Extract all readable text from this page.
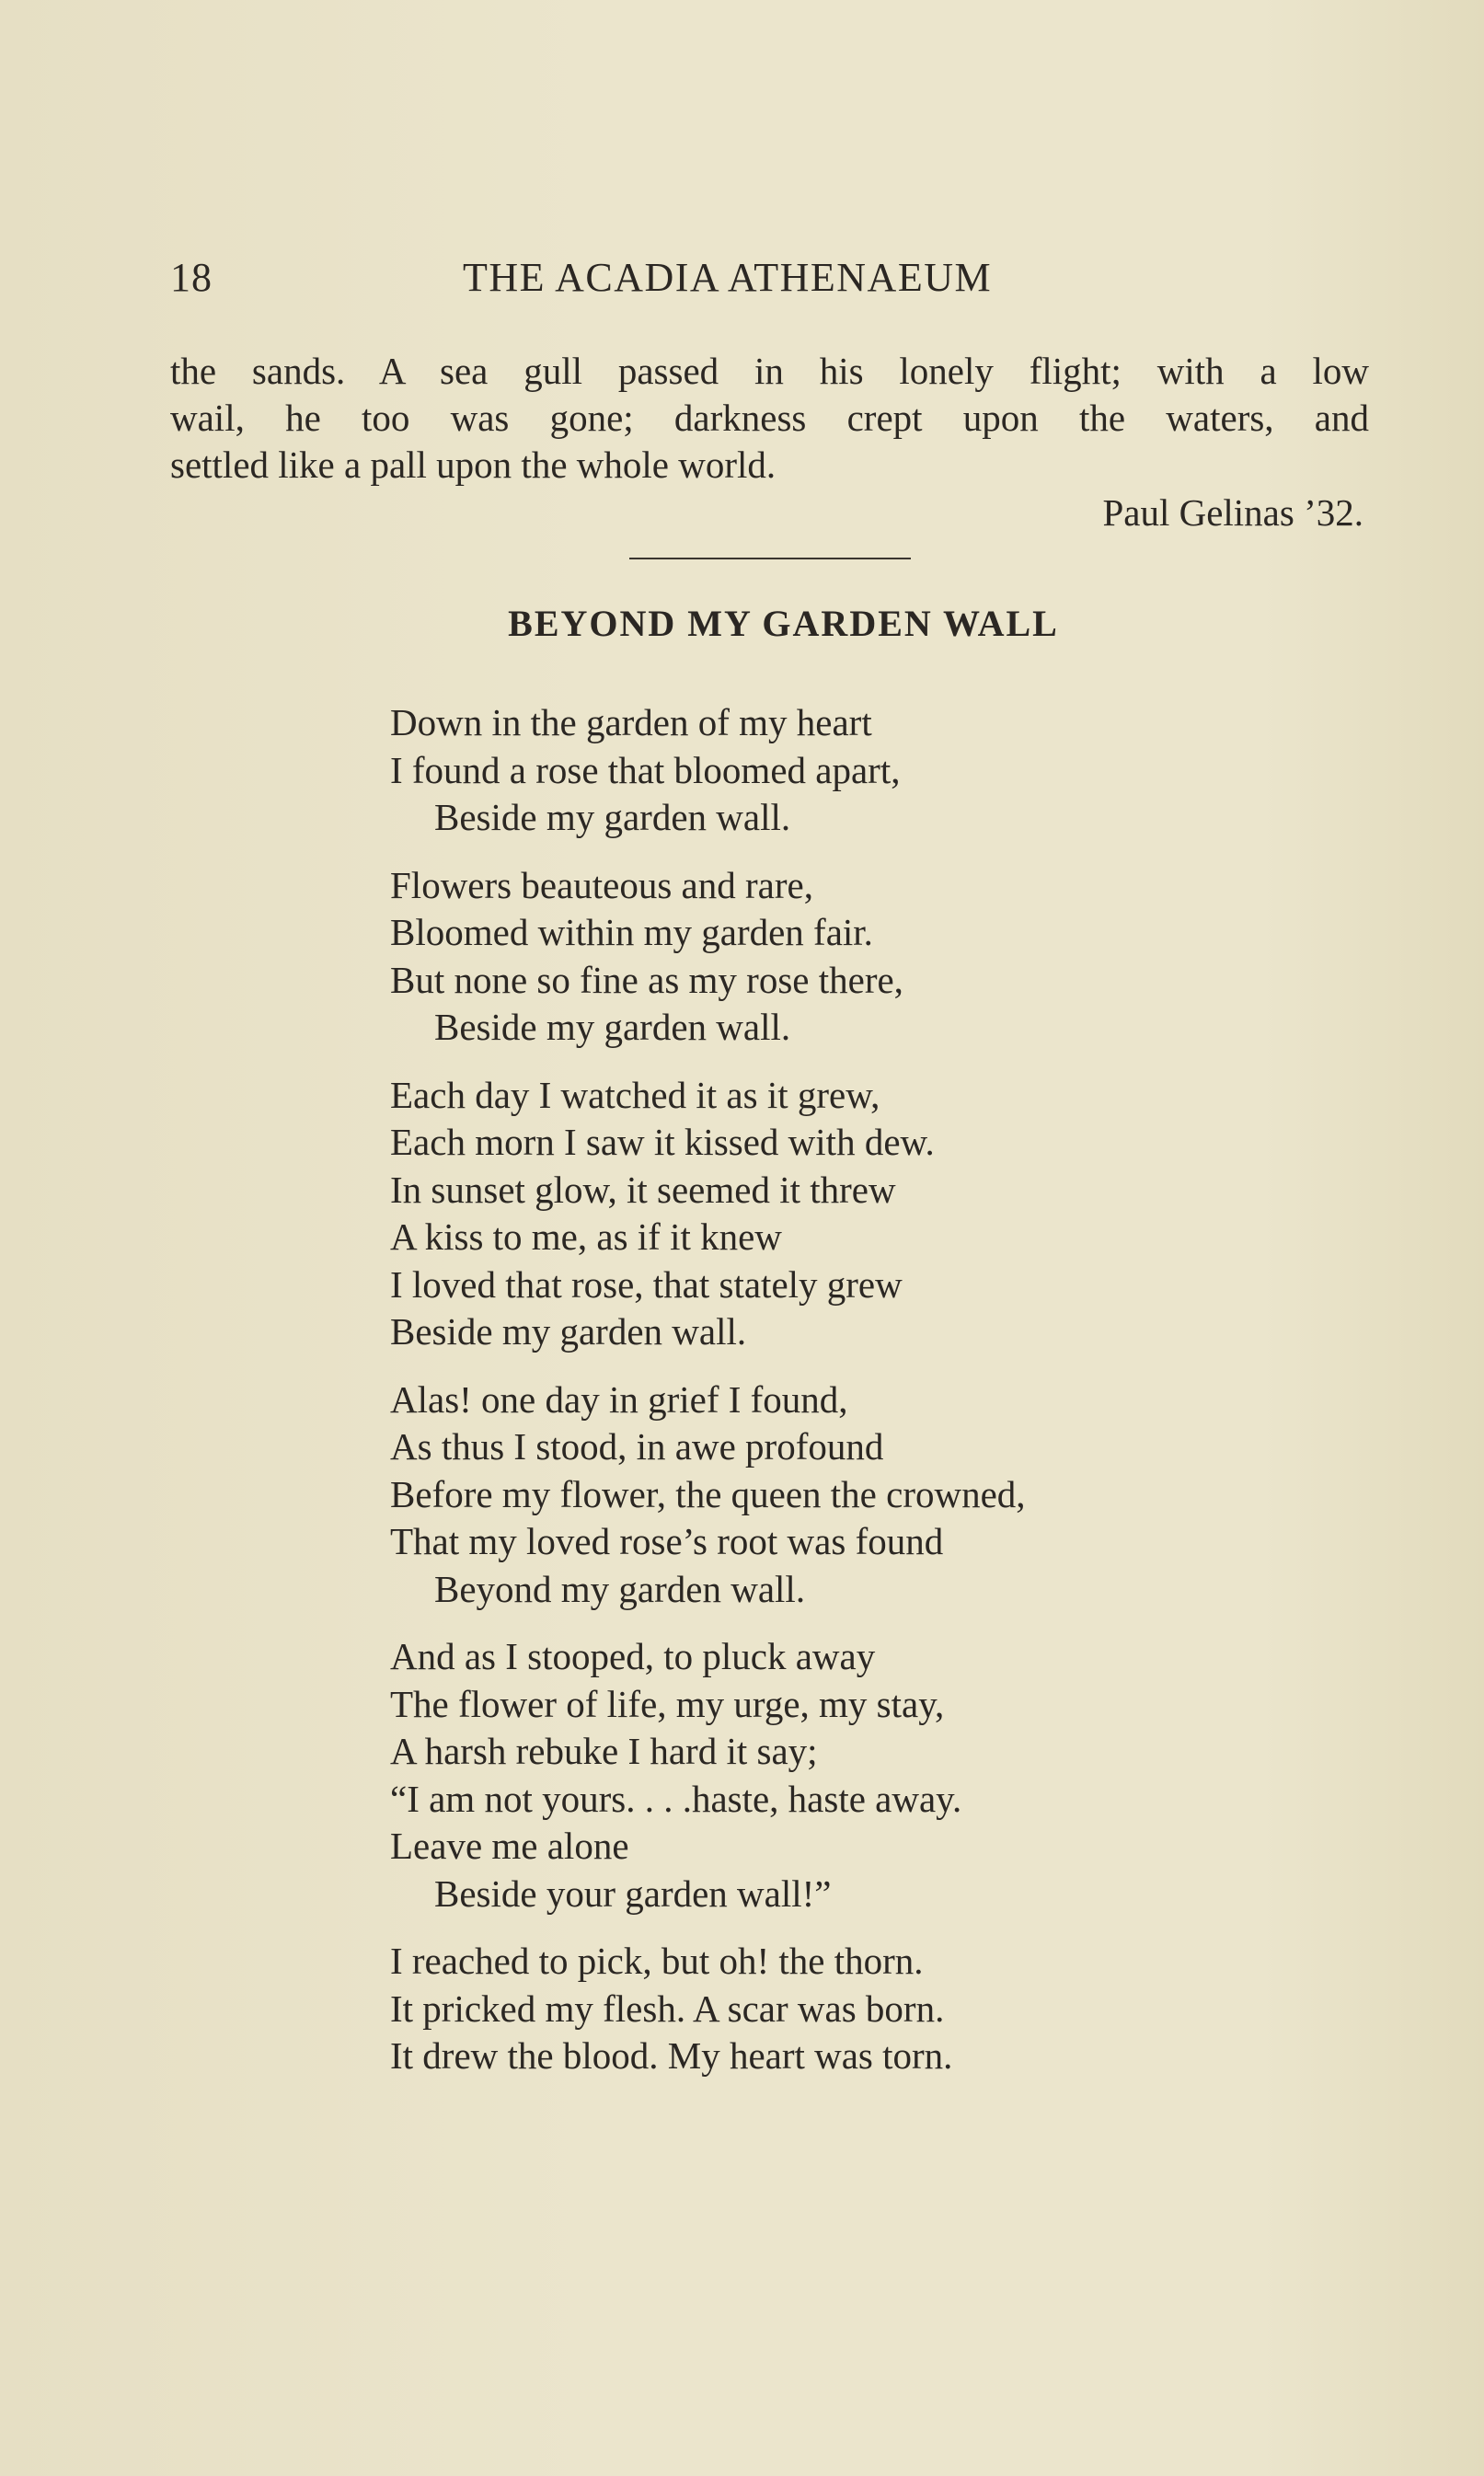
18	THE ACADIA ATHENAEUM
the sands. A sea gull passed in his lonely flight; with a low
wail, he too was gone; darkness crept upon the waters, and
settled like a pall upon the whole world.
Paul Gelinas ’32.
BEYOND MY GARDEN WALL
Down in the garden of my heart
I found a rose that bloomed apart,
Beside my garden wall.
Flowers beauteous and rare,
Bloomed within my garden fair.
But none so fine as my rose there,
Beside my garden wall.
Each day I watched it as it grew,
Each morn I saw it kissed with dew.
In sunset glow, it seemed it threw
A kiss to me, as if it knew
I loved that rose, that stately grew
Beside my garden wall.
Alas! one day in grief I found,
As thus I stood, in awe profound
Before my flower, the queen the crowned,
That my loved rose’s root was found
Beyond my garden wall.
And as I stooped, to pluck away
The flower of life, my urge, my stay,
A harsh rebuke I hard it say;
“I am not yours. . . .haste, haste away.
Leave me alone
Beside your garden wall!”
I reached to pick, but oh! the thorn.
It pricked my flesh. A scar was born.
It drew the blood. My heart was torn.
